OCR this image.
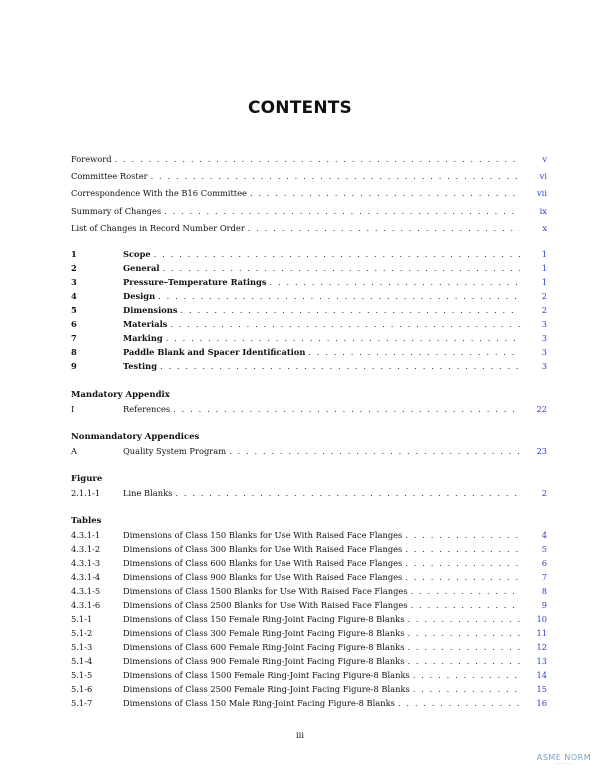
CONTENTS
Foreword . . .	v
Committee Roster . . .	vi
Correspondence With the B16 Committee . . .	vii
Summary of Changes . . .	ix
List of Changes in Record Number Order . . .	x
1	Scope . . .	1
2	General . . .	1
3	Pressure–Temperature Ratings . . .	1
4	Design . . .	2
5	Dimensions . . .	2
6	Materials . . .	3
7	Marking . . .	3
8	Paddle Blank and Spacer Identification . . .	3
9	Testing . . .	3
Mandatory Appendix
I	References . . .	22
Nonmandatory Appendices
A	Quality System Program . . .	23
Figure
2.1.1-1	Line Blanks . . .	2
Tables
4.3.1-1	Dimensions of Class 150 Blanks for Use With Raised Face Flanges . . .	4
4.3.1-2	Dimensions of Class 300 Blanks for Use With Raised Face Flanges . . .	5
4.3.1-3	Dimensions of Class 600 Blanks for Use With Raised Face Flanges . . .	6
4.3.1-4	Dimensions of Class 900 Blanks for Use With Raised Face Flanges . . .	7
4.3.1-5	Dimensions of Class 1500 Blanks for Use With Raised Face Flanges . . .	8
4.3.1-6	Dimensions of Class 2500 Blanks for Use With Raised Face Flanges . . .	9
5.1-1	Dimensions of Class 150 Female Ring-Joint Facing Figure-8 Blanks . . .	10
5.1-2	Dimensions of Class 300 Female Ring-Joint Facing Figure-8 Blanks . . .	11
5.1-3	Dimensions of Class 600 Female Ring-Joint Facing Figure-8 Blanks . . .	12
5.1-4	Dimensions of Class 900 Female Ring-Joint Facing Figure-8 Blanks . . .	13
5.1-5	Dimensions of Class 1500 Female Ring-Joint Facing Figure-8 Blanks . . .	14
5.1-6	Dimensions of Class 2500 Female Ring-Joint Facing Figure-8 Blanks . . .	15
5.1-7	Dimensions of Class 150 Male Ring-Joint Facing Figure-8 Blanks . . .	16
iii
ASME NORM
────────
